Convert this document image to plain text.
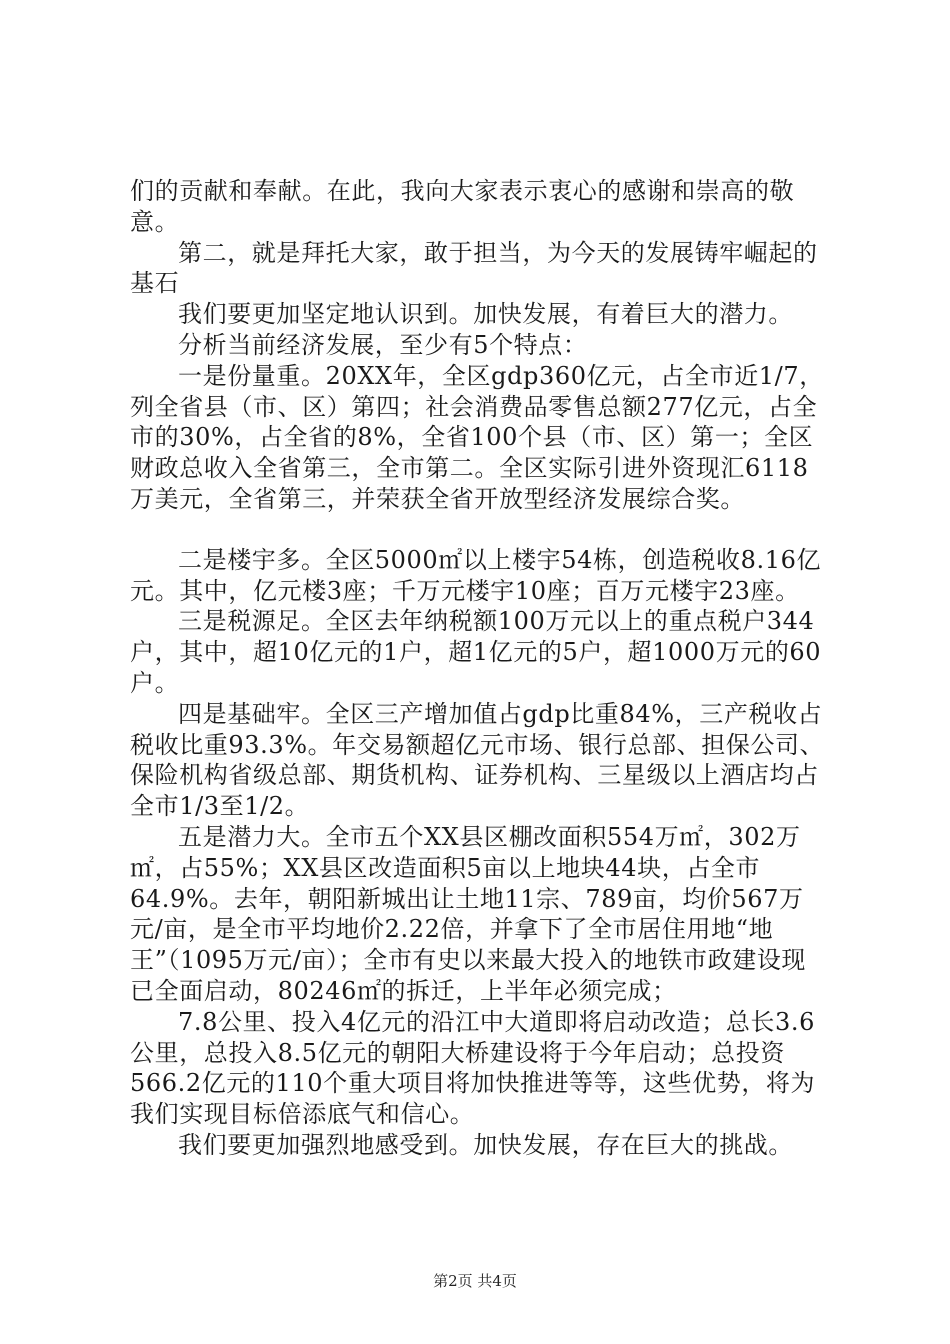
们的贡献和奉献。在此，我向大家表示衷心的感谢和崇高的敬意。

第二，就是拜托大家，敢于担当，为今天的发展铸牢崛起的基石

我们要更加坚定地认识到。加快发展，有着巨大的潜力。

分析当前经济发展，至少有5个特点：

一是份量重。20XX年，全区gdp360亿元，占全市近1/7，列全省县（市、区）第四；社会消费品零售总额277亿元，占全市的30%，占全省的8%，全省100个县（市、区）第一；全区财政总收入全省第三，全市第二。全区实际引进外资现汇6118万美元，全省第三，并荣获全省开放型经济发展综合奖。

二是楼宇多。全区5000㎡以上楼宇54栋，创造税收8.16亿元。其中，亿元楼3座；千万元楼宇10座；百万元楼宇23座。

三是税源足。全区去年纳税额100万元以上的重点税户344户，其中，超10亿元的1户，超1亿元的5户，超1000万元的60户。

四是基础牢。全区三产增加值占gdp比重84%，三产税收占税收比重93.3%。年交易额超亿元市场、银行总部、担保公司、保险机构省级总部、期货机构、证券机构、三星级以上酒店均占全市1/3至1/2。

五是潜力大。全市五个XX县区棚改面积554万㎡，302万㎡，占55%；XX县区改造面积5亩以上地块44块，占全市64.9%。去年，朝阳新城出让土地11宗、789亩，均价567万元/亩，是全市平均地价2.22倍，并拿下了全市居住用地“地王”（1095万元/亩）；全市有史以来最大投入的地铁市政建设现已全面启动，80246㎡的拆迁，上半年必须完成；

7.8公里、投入4亿元的沿江中大道即将启动改造；总长3.6公里，总投入8.5亿元的朝阳大桥建设将于今年启动；总投资566.2亿元的110个重大项目将加快推进等等，这些优势，将为我们实现目标倍添底气和信心。

我们要更加强烈地感受到。加快发展，存在巨大的挑战。

第2页 共4页
